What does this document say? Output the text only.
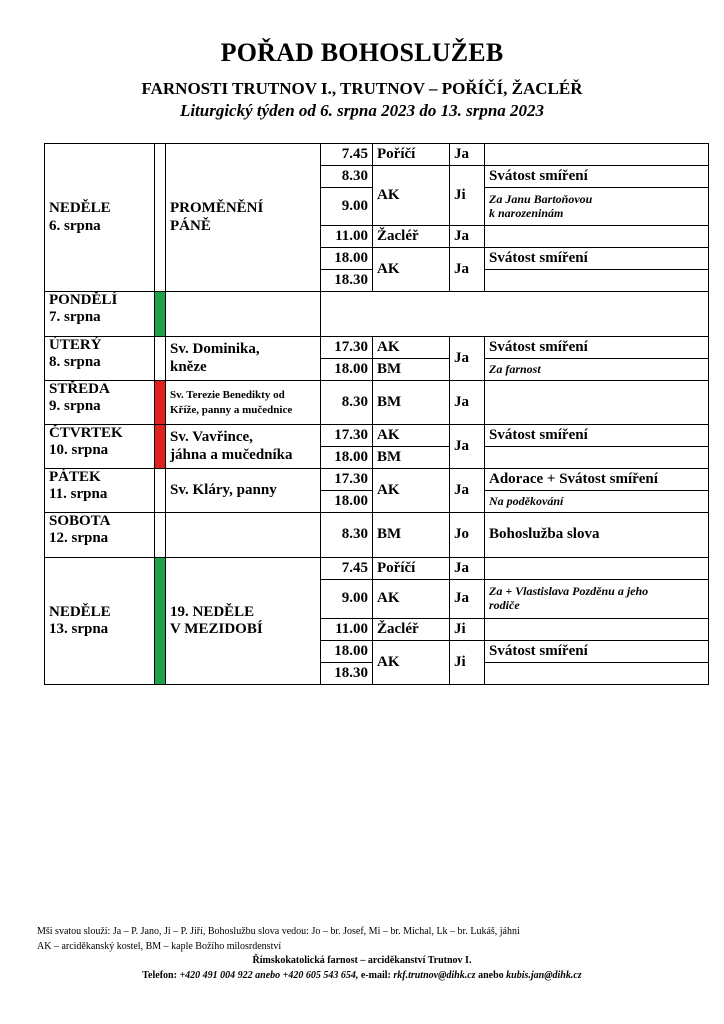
POŘAD BOHOSLUŽEB
FARNOSTI TRUTNOV I., TRUTNOV – POŘÍČÍ, ŽACLÉŘ
Liturgický týden od 6. srpna 2023 do 13. srpna 2023
NEDĚLE
6. srpna		PROMĚNĚNÍ
PÁNĚ	7.45	Poříčí	Ja	
			8.30	AK	Ji	Svátost smíření
			9.00			Za Janu Bartoňovou
k narozeninám
			11.00	Žacléř	Ja	
			18.00	AK	Ja	Svátost smíření
			18.30			
PONDĚLÍ
7. srpna						
ÚTERÝ
8. srpna		Sv. Dominika,
kněze	17.30	AK	Ja	Svátost smíření
			18.00	BM		Za farnost
STŘEDA
9. srpna		Sv. Terezie Benedikty od
Kříže, panny a mučednice	8.30	BM	Ja	
ČTVRTEK
10. srpna		Sv. Vavřince,
jáhna a mučedníka	17.30	AK	Ja	Svátost smíření
			18.00	BM		
PÁTEK
11. srpna		Sv. Kláry, panny	17.30	AK	Ja	Adorace + Svátost smíření
			18.00			Na poděkování
SOBOTA
12. srpna			8.30	BM	Jo	Bohoslužba slova
NEDĚLE
13. srpna		19. NEDĚLE
V MEZIDOBÍ	7.45	Poříčí	Ja	
			9.00	AK	Ja	Za + Vlastislava Pozděnu a jeho
rodiče
			11.00	Žacléř	Ji	
			18.00	AK	Ji	Svátost smíření
			18.30			
Mši svatou slouží: Ja – P. Jano, Ji – P. Jiří, Bohoslužbu slova vedou: Jo – br. Josef, Mi – br. Michal, Lk – br. Lukáš, jáhni
AK – arciděkanský kostel, BM – kaple Božího milosrdenství
Římskokatolická farnost – arciděkanství Trutnov I.
Telefon: +420 491 004 922 anebo +420 605 543 654, e-mail: rkf.trutnov@dihk.cz anebo kubis.jan@dihk.cz
